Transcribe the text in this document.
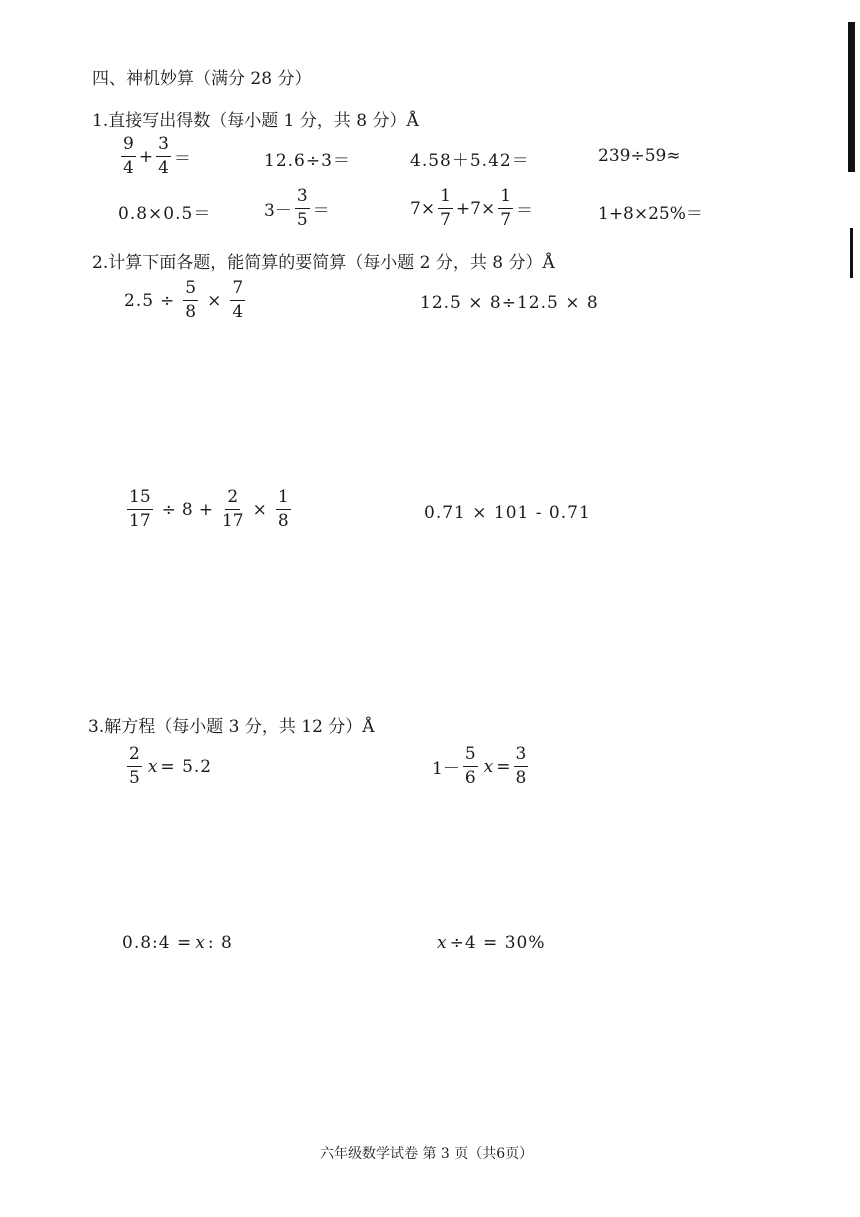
四、神机妙算（满分 28 分）
1.直接写出得数（每小题 1 分，共 8 分）Å
$\frac{9}{4} + \frac{3}{4}$ ＝	12.6÷3＝	4.58＋5.42＝	239÷59≈
0.8×0.5＝	$3- \frac{3}{5}$ ＝	$7\times \frac{1}{7} +7\times \frac{1}{7}$ ＝	1+8×25%＝
2.计算下面各题，能简算的要简算（每小题 2 分，共 8 分）Å
$2.5 \div \frac{5}{8} \times \frac{7}{4}$	12.5 × 8÷12.5 × 8
$\frac{15}{17} \div 8 + \frac{2}{17} \times \frac{1}{8}$	0.71 × 101 - 0.71
3.解方程（每小题 3 分，共 12 分）Å
$\frac{2}{5}$ x = 5.2	$1- \frac{5}{6}$ $x = \frac{3}{8}$
0.8:4 = x : 8	x ÷4 = 30%
六年级数学试卷 第 3 页（共6页）
